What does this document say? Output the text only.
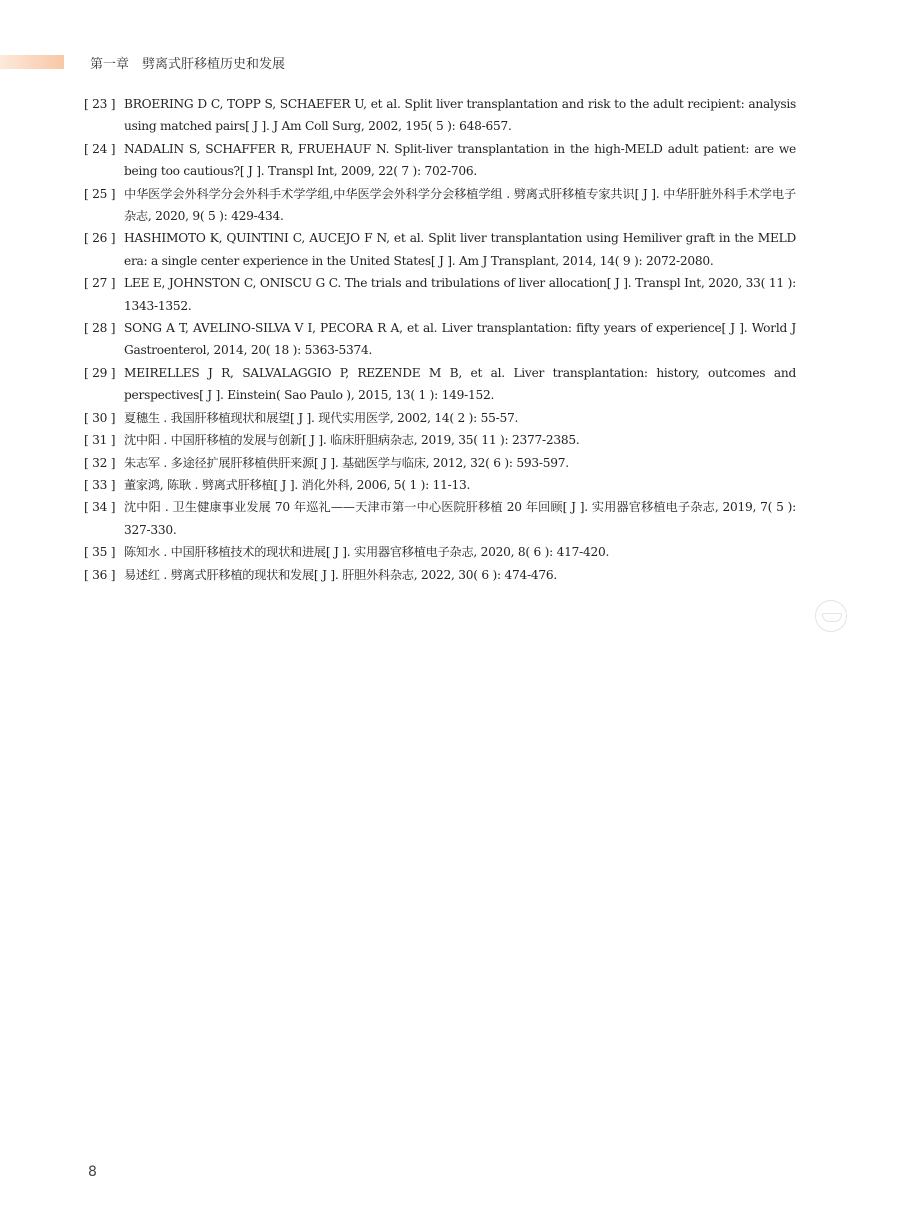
第一章　劈离式肝移植历史和发展
[ 23 ] BROERING D C, TOPP S, SCHAEFER U, et al. Split liver transplantation and risk to the adult recipient: analysis using matched pairs[ J ]. J Am Coll Surg, 2002, 195( 5 ): 648-657.
[ 24 ] NADALIN S, SCHAFFER R, FRUEHAUF N. Split-liver transplantation in the high-MELD adult patient: are we being too cautious?[ J ]. Transpl Int, 2009, 22( 7 ): 702-706.
[ 25 ] 中华医学会外科学分会外科手术学学组,中华医学会外科学分会移植学组 . 劈离式肝移植专家共识[ J ]. 中华肝脏外科手术学电子杂志, 2020, 9( 5 ): 429-434.
[ 26 ] HASHIMOTO K, QUINTINI C, AUCEJO F N, et al. Split liver transplantation using Hemiliver graft in the MELD era: a single center experience in the United States[ J ]. Am J Transplant, 2014, 14( 9 ): 2072-2080.
[ 27 ] LEE E, JOHNSTON C, ONISCU G C. The trials and tribulations of liver allocation[ J ]. Transpl Int, 2020, 33( 11 ): 1343-1352.
[ 28 ] SONG A T, AVELINO-SILVA V I, PECORA R A, et al. Liver transplantation: fifty years of experience[ J ]. World J Gastroenterol, 2014, 20( 18 ): 5363-5374.
[ 29 ] MEIRELLES J R, SALVALAGGIO P, REZENDE M B, et al. Liver transplantation: history, outcomes and perspectives[ J ]. Einstein( Sao Paulo ), 2015, 13( 1 ): 149-152.
[ 30 ] 夏穗生 . 我国肝移植现状和展望[ J ]. 现代实用医学, 2002, 14( 2 ): 55-57.
[ 31 ] 沈中阳 . 中国肝移植的发展与创新[ J ]. 临床肝胆病杂志, 2019, 35( 11 ): 2377-2385.
[ 32 ] 朱志军 . 多途径扩展肝移植供肝来源[ J ]. 基础医学与临床, 2012, 32( 6 ): 593-597.
[ 33 ] 董家鸿, 陈耿 . 劈离式肝移植[ J ]. 消化外科, 2006, 5( 1 ): 11-13.
[ 34 ] 沈中阳 . 卫生健康事业发展 70 年巡礼——天津市第一中心医院肝移植 20 年回顾[ J ]. 实用器官移植电子杂志, 2019, 7( 5 ): 327-330.
[ 35 ] 陈知水 . 中国肝移植技术的现状和进展[ J ]. 实用器官移植电子杂志, 2020, 8( 6 ): 417-420.
[ 36 ] 易述红 . 劈离式肝移植的现状和发展[ J ]. 肝胆外科杂志, 2022, 30( 6 ): 474-476.
8
